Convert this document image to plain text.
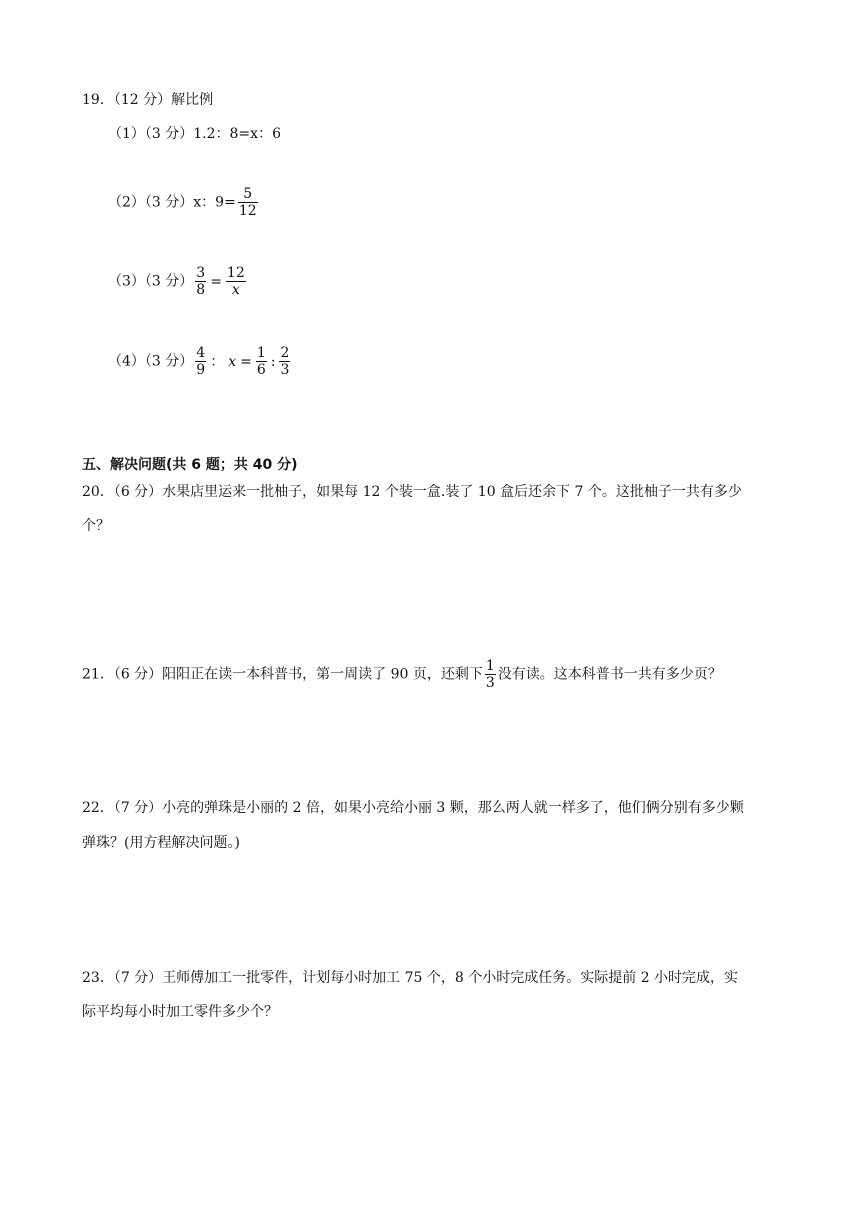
19．（12 分）解比例
（1）（3 分）1.2：8=x：6
（2）（3 分）x：$9= \frac{5}{12}$
（3）（3 分） $\frac{3}{8} = \frac{12}{x}$
（4）（3 分） $\frac{4}{9}$ ： $x = \frac{1}{6}$ : $\frac{2}{3}$
五、解决问题(共 6 题；共 40 分)
20．（6 分）水果店里运来一批柚子，如果每 12 个装一盒.装了 10 盒后还余下 7 个。这批柚子一共有多少
个？
21．（6 分）阳阳正在读一本科普书，第一周读了 90 页，还剩下 $\frac{1}{3}$ 没有读。这本科普书一共有多少页？
22．（7 分）小亮的弹珠是小丽的 2 倍，如果小亮给小丽 3 颗，那么两人就一样多了，他们俩分别有多少颗
弹珠？(用方程解决问题。)
23．（7 分）王师傅加工一批零件，计划每小时加工 75 个，8 个小时完成任务。实际提前 2 小时完成，实
际平均每小时加工零件多少个？
